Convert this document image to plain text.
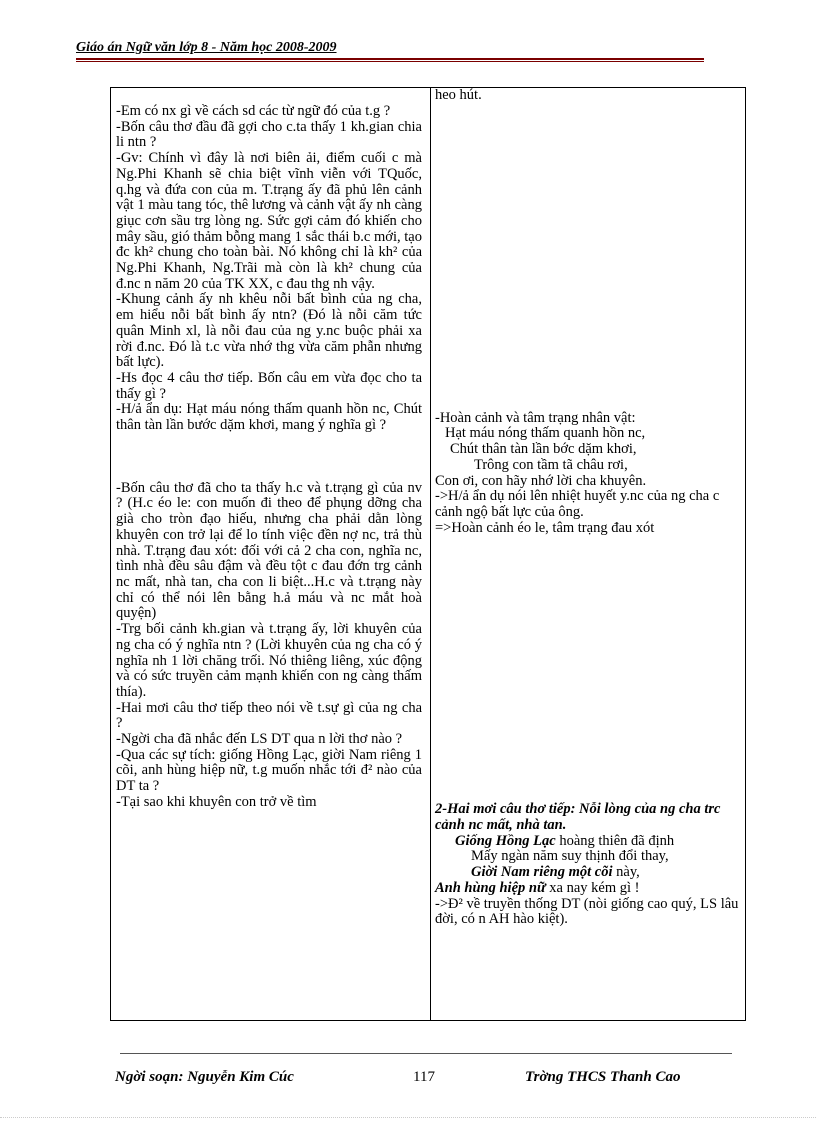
Giáo án Ngữ văn lớp 8 - Năm học 2008-2009

-Em có nx gì về cách sd các từ ngữ đó của t.g ?

-Bốn câu thơ đầu đã gợi cho c.ta thấy 1 kh.gian chia li ntn ?

-Gv: Chính vì đây là nơi biên ải, điểm cuối c mà Ng.Phi Khanh sẽ chia biệt vĩnh viễn với TQuốc, q.hg và đứa con của m. T.trạng ấy đã phủ lên cảnh vật 1 màu tang tóc, thê lương và cảnh vật ấy nh càng giục cơn sầu trg lòng ng. Sức gợi cảm đó khiến cho mây sầu, gió thảm bỗng mang 1 sắc thái b.c mới, tạo đc kh² chung cho toàn bài. Nó không chỉ là kh² của Ng.Phi Khanh, Ng.Trãi mà còn là kh² chung của đ.nc n năm 20 của TK XX, c đau thg nh vậy.

-Khung cảnh ấy nh khêu nỗi bất bình của ng cha, em hiểu nỗi bất bình ấy ntn? (Đó là nỗi căm tức quân Minh xl, là nỗi đau của ng y.nc buộc phải xa rời đ.nc. Đó là t.c vừa nhớ thg vừa căm phẫn nhưng bất lực).

-Hs đọc 4 câu thơ tiếp. Bốn câu em vừa đọc cho ta thấy gì ?

-H/ả ẩn dụ: Hạt máu nóng thấm quanh hồn nc, Chút thân tàn lần bước dặm khơi, mang ý nghĩa gì ?

-Bốn câu thơ đã cho ta thấy h.c và t.trạng gì của nv ? (H.c éo le: con muốn đi theo để phụng dỡng cha già cho tròn đạo hiếu, nhưng cha phải dằn lòng khuyên con trở lại để lo tính việc đền nợ nc, trả thù nhà. T.trạng đau xót: đối với cả 2 cha con, nghĩa nc, tình nhà đều sâu đậm và đều tột c đau đớn trg cảnh nc mất, nhà tan, cha con li biệt...H.c và t.trạng này chỉ có thể nói lên bằng h.ả máu và nc mắt hoà quyện)

-Trg bối cảnh kh.gian và t.trạng ấy, lời khuyên của ng cha có ý nghĩa ntn ? (Lời khuyên của ng cha có ý nghĩa nh 1 lời chăng trối. Nó thiêng liêng, xúc động và có sức truyền cảm mạnh khiến con ng càng thấm thía).

-Hai mơi câu thơ tiếp theo nói về t.sự gì của ng cha ?

-Ngời cha đã nhắc đến LS DT qua n lời thơ nào ?

-Qua các sự tích: giống Hồng Lạc, giời Nam riêng 1 cõi, anh hùng hiệp nữ, t.g muốn nhắc tới đ² nào của DT ta ?

-Tại sao khi khuyên con trở về tìm

heo hút.

-Hoàn cảnh và tâm trạng nhân vật:

Hạt máu nóng thấm quanh hồn nc,

Chút thân tàn lần bớc dặm khơi,

Trông con tầm tã châu rơi,

Con ơi, con hãy nhớ lời cha khuyên.

->H/ả ẩn dụ nói lên nhiệt huyết y.nc của ng cha c cảnh ngộ bất lực của ông.

=>Hoàn cảnh éo le, tâm trạng đau xót

2-Hai mơi câu thơ tiếp: Nỗi lòng của ng cha trc cảnh nc mất, nhà tan.

Giống Hồng Lạc hoàng thiên đã định

Mấy ngàn năm suy thịnh đổi thay,

Giời Nam riêng một cõi này,

Anh hùng hiệp nữ xa nay kém gì !

->Đ² về truyền thống DT (nòi giống cao quý, LS lâu đời, có n AH hào kiệt).

Ngời soạn: Nguyễn Kim Cúc	117	Trờng THCS Thanh Cao
